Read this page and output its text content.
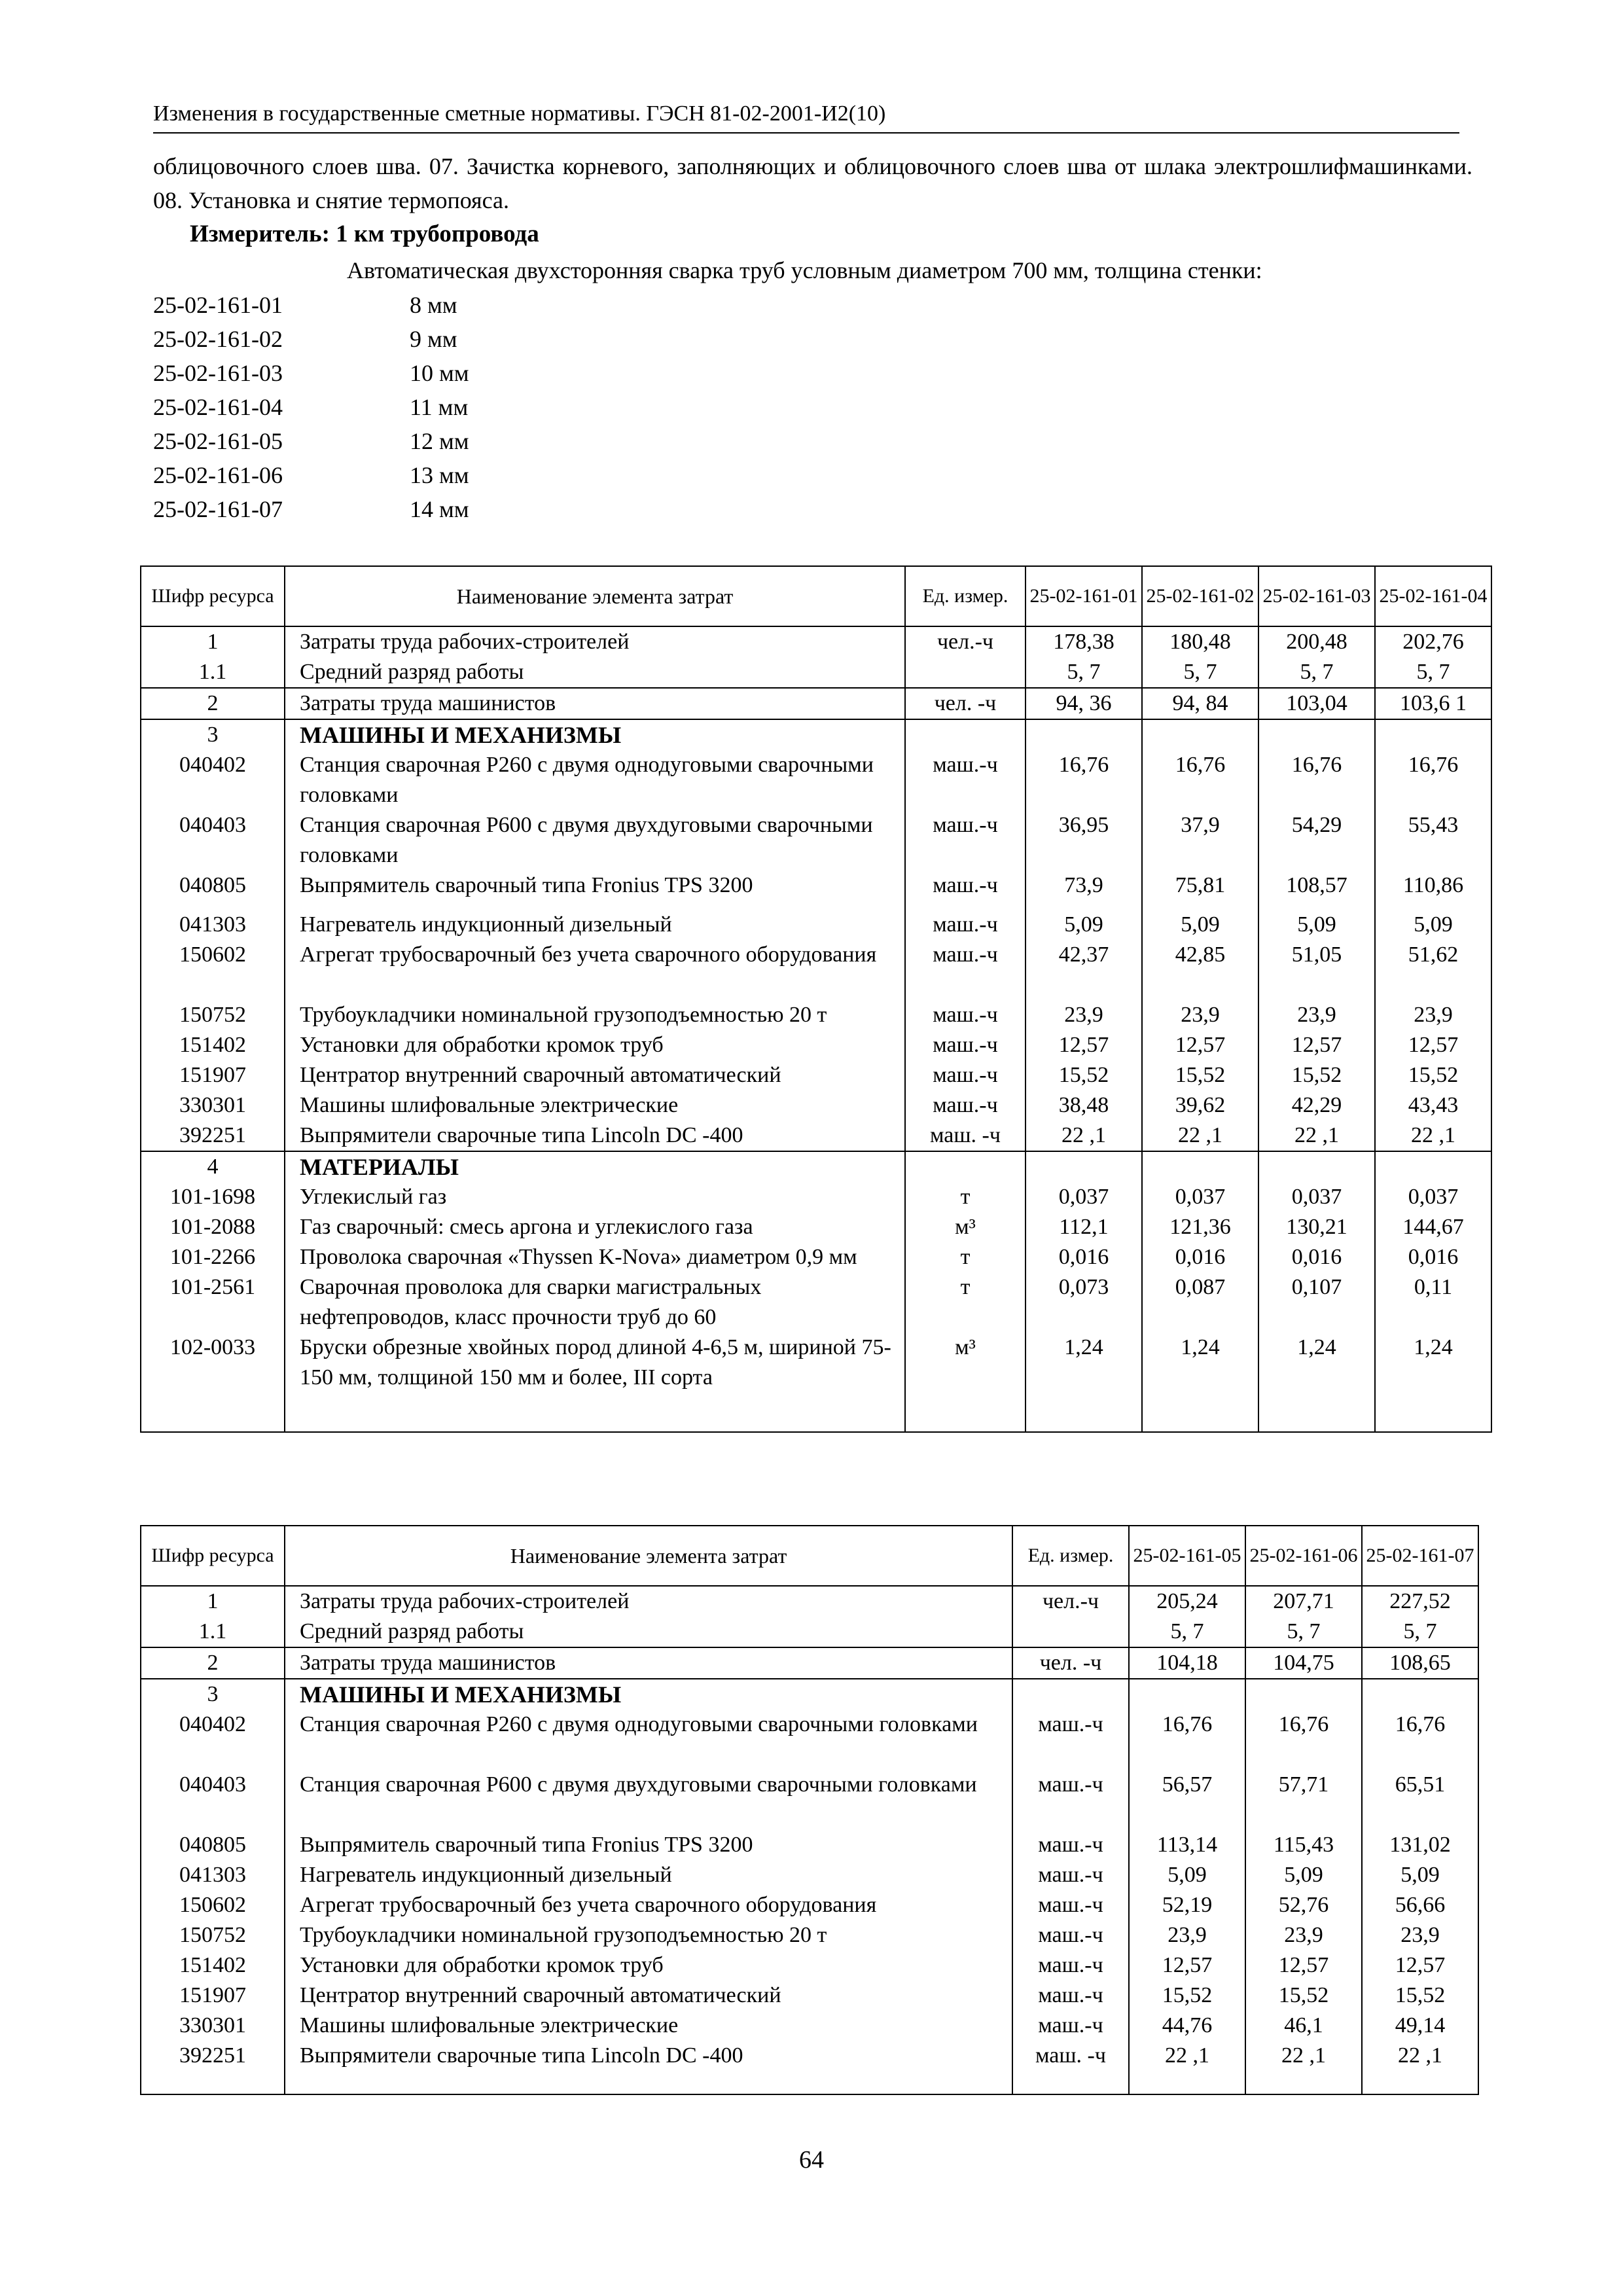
Изменения в государственные сметные нормативы. ГЭСН 81-02-2001-И2(10)
облицовочного слоев шва. 07. Зачистка корневого, заполняющих и облицовочного слоев шва от шлака электрошлифмашинками. 08. Установка и снятие термопояса.
Измеритель: 1 км трубопровода
Автоматическая двухсторонняя сварка труб условным диаметром 700 мм, толщина стенки:
25-02-161-01	8 мм
25-02-161-02	9 мм
25-02-161-03	10 мм
25-02-161-04	11 мм
25-02-161-05	12 мм
25-02-161-06	13 мм
25-02-161-07	14 мм
Шифр ресурса	Наименование элемента затрат	Ед. измер.	25-02-161-01	25-02-161-02	25-02-161-03	25-02-161-04
1	Затраты труда рабочих-строителей	чел.-ч	178,38	180,48	200,48	202,76
1.1	Средний разряд работы		5, 7	5, 7	5, 7	5, 7
2	Затраты труда машинистов	чел. -ч	94, 36	94, 84	103,04	103,6 1
3	МАШИНЫ И МЕХАНИЗМЫ					
040402	Станция сварочная Р260 с двумя однодуговыми сварочными головками	маш.-ч	16,76	16,76	16,76	16,76
040403	Станция сварочная Р600 с двумя двухдуговыми сварочными головками	маш.-ч	36,95	37,9	54,29	55,43
040805	Выпрямитель сварочный типа Fronius TPS 3200	маш.-ч	73,9	75,81	108,57	110,86
041303	Нагреватель индукционный дизельный	маш.-ч	5,09	5,09	5,09	5,09
150602	Агрегат трубосварочный без учета сварочного оборудования	маш.-ч	42,37	42,85	51,05	51,62
150752	Трубоукладчики номинальной грузоподъемностью 20 т	маш.-ч	23,9	23,9	23,9	23,9
151402	Установки для обработки кромок труб	маш.-ч	12,57	12,57	12,57	12,57
151907	Центратор внутренний сварочный автоматический	маш.-ч	15,52	15,52	15,52	15,52
330301	Машины шлифовальные электрические	маш.-ч	38,48	39,62	42,29	43,43
392251	Выпрямители сварочные типа Lincoln DC -400	маш. -ч	22 ,1	22 ,1	22 ,1	22 ,1
4	МАТЕРИАЛЫ					
101-1698	Углекислый газ	т	0,037	0,037	0,037	0,037
101-2088	Газ сварочный: смесь аргона и углекислого газа	м³	112,1	121,36	130,21	144,67
101-2266	Проволока сварочная «Thyssen K-Nova» диаметром 0,9 мм	т	0,016	0,016	0,016	0,016
101-2561	Сварочная проволока для сварки магистральных нефтепроводов, класс прочности труб до 60	т	0,073	0,087	0,107	0,11
102-0033	Бруски обрезные хвойных пород длиной 4-6,5 м, шириной 75-150 мм, толщиной 150 мм и более, III сорта	м³	1,24	1,24	1,24	1,24
Шифр ресурса	Наименование элемента затрат	Ед. измер.	25-02-161-05	25-02-161-06	25-02-161-07
1	Затраты труда рабочих-строителей	чел.-ч	205,24	207,71	227,52
1.1	Средний разряд работы		5, 7	5, 7	5, 7
2	Затраты труда машинистов	чел. -ч	104,18	104,75	108,65
3	МАШИНЫ И МЕХАНИЗМЫ				
040402	Станция сварочная Р260 с двумя однодуговыми сварочными головками	маш.-ч	16,76	16,76	16,76
040403	Станция сварочная Р600 с двумя двухдуговыми сварочными головками	маш.-ч	56,57	57,71	65,51
040805	Выпрямитель сварочный типа Fronius TPS 3200	маш.-ч	113,14	115,43	131,02
041303	Нагреватель индукционный дизельный	маш.-ч	5,09	5,09	5,09
150602	Агрегат трубосварочный без учета сварочного оборудования	маш.-ч	52,19	52,76	56,66
150752	Трубоукладчики номинальной грузоподъемностью 20 т	маш.-ч	23,9	23,9	23,9
151402	Установки для обработки кромок труб	маш.-ч	12,57	12,57	12,57
151907	Центратор внутренний сварочный автоматический	маш.-ч	15,52	15,52	15,52
330301	Машины шлифовальные электрические	маш.-ч	44,76	46,1	49,14
392251	Выпрямители сварочные типа Lincoln DC -400	маш. -ч	22 ,1	22 ,1	22 ,1
64
